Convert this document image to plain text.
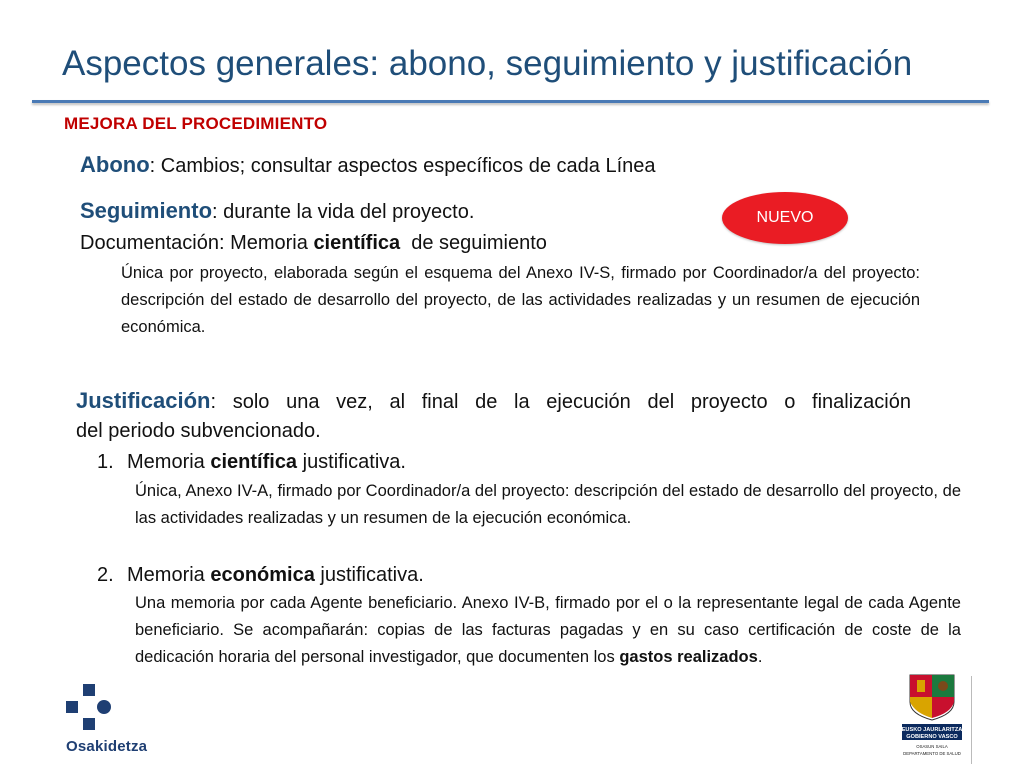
Aspectos generales: abono, seguimiento y justificación
MEJORA DEL PROCEDIMIENTO
Abono: Cambios; consultar aspectos específicos de cada Línea
Seguimiento: durante la vida del proyecto.
Documentación: Memoria científica  de seguimiento
Única por proyecto, elaborada según el esquema del Anexo IV-S, firmado por Coordinador/a del proyecto: descripción del estado de desarrollo del proyecto, de las actividades realizadas y un resumen de ejecución económica.
NUEVO
Justificación: solo una vez, al final de la ejecución del proyecto o finalización
del periodo subvencionado.
1. Memoria científica justificativa.
Única, Anexo IV-A, firmado por Coordinador/a del proyecto: descripción del estado de desarrollo del proyecto, de las actividades realizadas y un resumen de la ejecución económica.
2. Memoria económica justificativa.
Una memoria por cada Agente beneficiario. Anexo IV-B, firmado por el o la representante legal de cada Agente beneficiario. Se acompañarán: copias de las facturas pagadas y en su caso certificación de coste de la dedicación horaria del personal investigador, que documenten los gastos realizados.
Osakidetza
EUSKO JAURLARITZA
GOBIERNO VASCO
OSASUN SAILA
DEPARTAMENTO DE SALUD
